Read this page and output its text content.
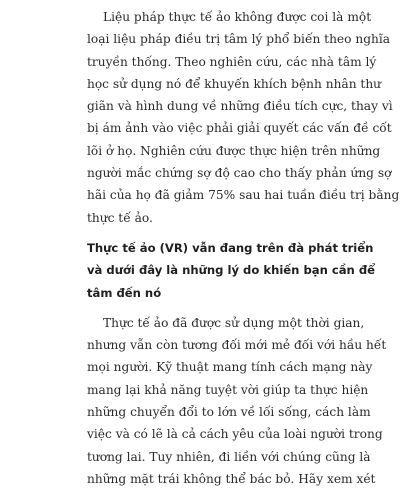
Liệu pháp thực tế ảo không được coi là một
loại liệu pháp điều trị tâm lý phổ biến theo nghĩa
truyền thống. Theo nghiên cứu, các nhà tâm lý
học sử dụng nó để khuyến khích bệnh nhân thư
giãn và hình dung về những điều tích cực, thay vì
bị ám ảnh vào việc phải giải quyết các vấn đề cốt
lõi ở họ. Nghiên cứu được thực hiện trên những
người mắc chứng sợ độ cao cho thấy phản ứng sợ
hãi của họ đã giảm 75% sau hai tuần điều trị bằng
thực tế ảo.
Thực tế ảo (VR) vẫn đang trên đà phát triển
và dưới đây là những lý do khiến bạn cần để
tâm đến nó
Thực tế ảo đã được sử dụng một thời gian,
nhưng vẫn còn tương đối mới mẻ đối với hầu hết
mọi người. Kỹ thuật mang tính cách mạng này
mang lại khả năng tuyệt vời giúp ta thực hiện
những chuyển đổi to lớn về lối sống, cách làm
việc và có lẽ là cả cách yêu của loài người trong
tương lai. Tuy nhiên, đi liền với chúng cũng là
những mặt trái không thể bác bỏ. Hãy xem xét
